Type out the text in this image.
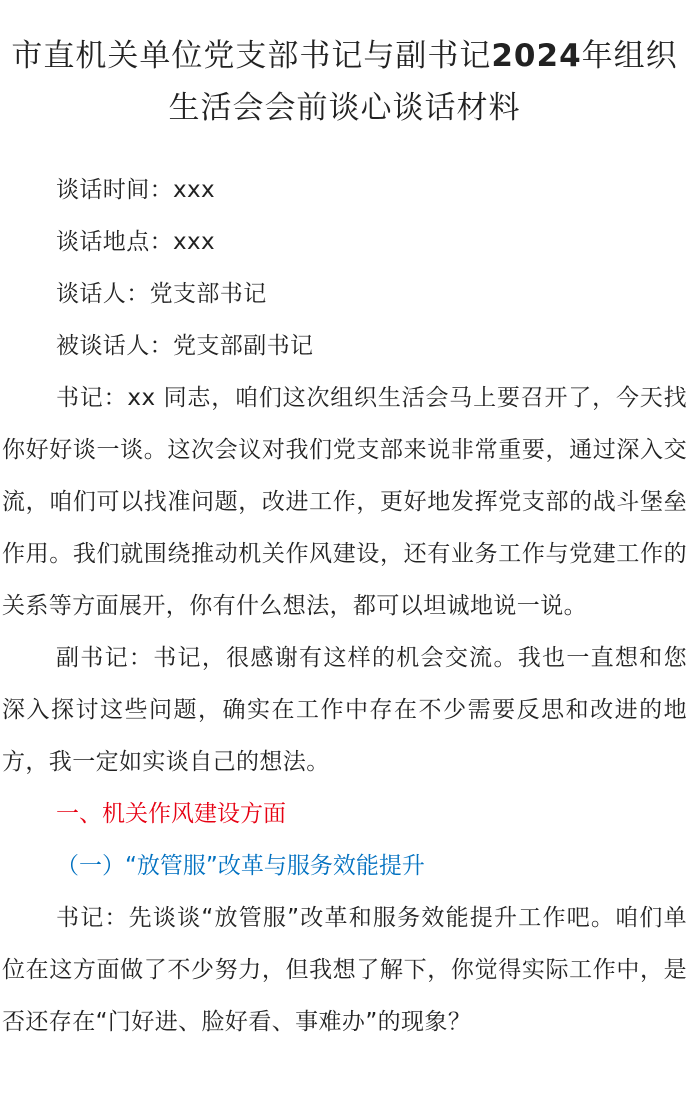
市直机关单位党支部书记与副书记2024年组织生活会会前谈心谈话材料

谈话时间：xxx

谈话地点：xxx

谈话人：党支部书记

被谈话人：党支部副书记

书记：xx 同志，咱们这次组织生活会马上要召开了，今天找你好好谈一谈。这次会议对我们党支部来说非常重要，通过深入交流，咱们可以找准问题，改进工作，更好地发挥党支部的战斗堡垒作用。我们就围绕推动机关作风建设，还有业务工作与党建工作的关系等方面展开，你有什么想法，都可以坦诚地说一说。

副书记：书记，很感谢有这样的机会交流。我也一直想和您深入探讨这些问题，确实在工作中存在不少需要反思和改进的地方，我一定如实谈自己的想法。

一、机关作风建设方面

（一）“放管服”改革与服务效能提升

书记：先谈谈“放管服”改革和服务效能提升工作吧。咱们单位在这方面做了不少努力，但我想了解下，你觉得实际工作中，是否还存在“门好进、脸好看、事难办”的现象？
